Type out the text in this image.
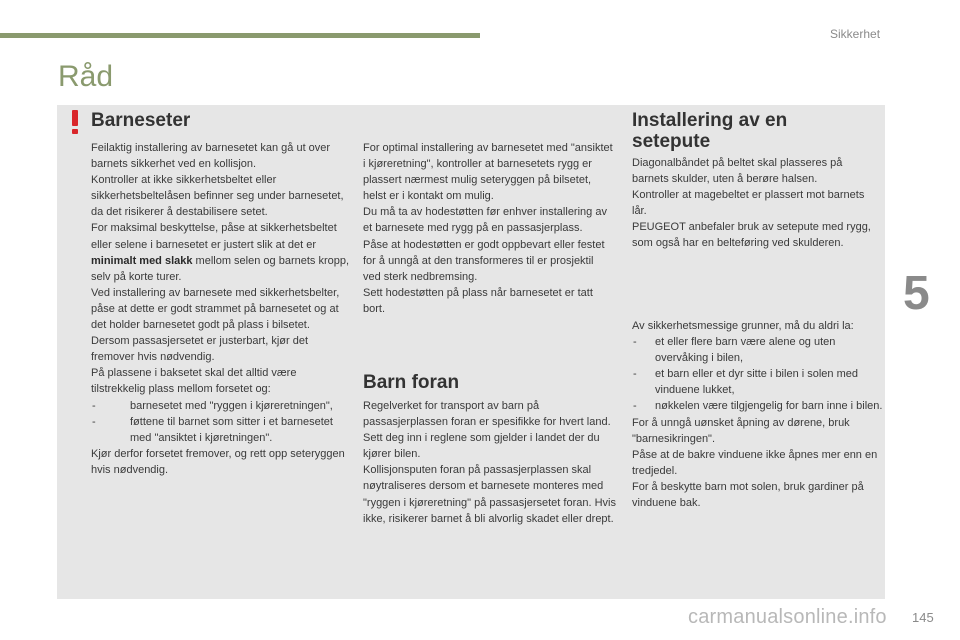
Sikkerhet
Råd
5
Barneseter

Feilaktig installering av barnesetet kan gå ut over barnets sikkerhet ved en kollisjon.

Kontroller at ikke sikkerhetsbeltet eller sikkerhetsbeltelåsen befinner seg under barnesetet, da det risikerer å destabilisere setet.

For maksimal beskyttelse, påse at sikkerhetsbeltet eller selene i barnesetet er justert slik at det er minimalt med slakk mellom selen og barnets kropp, selv på korte turer.

Ved installering av barnesete med sikkerhetsbelter, påse at dette er godt strammet på barnesetet og at det holder barnesetet godt på plass i bilsetet. Dersom passasjersetet er justerbart, kjør det fremover hvis nødvendig.

På plassene i baksetet skal det alltid være tilstrekkelig plass mellom forsetet og:

- barnesetet med "ryggen i kjøreretningen",
- føttene til barnet som sitter i et barnesetet med "ansiktet i kjøretningen".

Kjør derfor forsetet fremover, og rett opp seteryggen hvis nødvendig.

For optimal installering av barnesetet med "ansiktet i kjøreretning", kontroller at barnesetets rygg er plassert nærmest mulig seteryggen på bilsetet, helst er i kontakt om mulig.

Du må ta av hodestøtten før enhver installering av et barnesete med rygg på en passasjerplass.

Påse at hodestøtten er godt oppbevart eller festet for å unngå at den transformeres til er prosjektil ved sterk nedbremsing.

Sett hodestøtten på plass når barnesetet er tatt bort.

Barn foran

Regelverket for transport av barn på passasjerplassen foran er spesifikke for hvert land. Sett deg inn i reglene som gjelder i landet der du kjører bilen.

Kollisjonsputen foran på passasjerplassen skal nøytraliseres dersom et barnesete monteres med "ryggen i kjøreretning" på passasjersetet foran. Hvis ikke, risikerer barnet å bli alvorlig skadet eller drept.

Installering av en setepute

Diagonalbåndet på beltet skal plasseres på barnets skulder, uten å berøre halsen.

Kontroller at magebeltet er plassert mot barnets lår.

PEUGEOT anbefaler bruk av setepute med rygg, som også har en belteføring ved skulderen.

Av sikkerhetsmessige grunner, må du aldri la:

- et eller flere barn være alene og uten overvåking i bilen,
- et barn eller et dyr sitte i bilen i solen med vinduene lukket,
- nøkkelen være tilgjengelig for barn inne i bilen.

For å unngå uønsket åpning av dørene, bruk "barnesikringen".

Påse at de bakre vinduene ikke åpnes mer enn en tredjedel.

For å beskytte barn mot solen, bruk gardiner på vinduene bak.

carmanualsonline.info 145
